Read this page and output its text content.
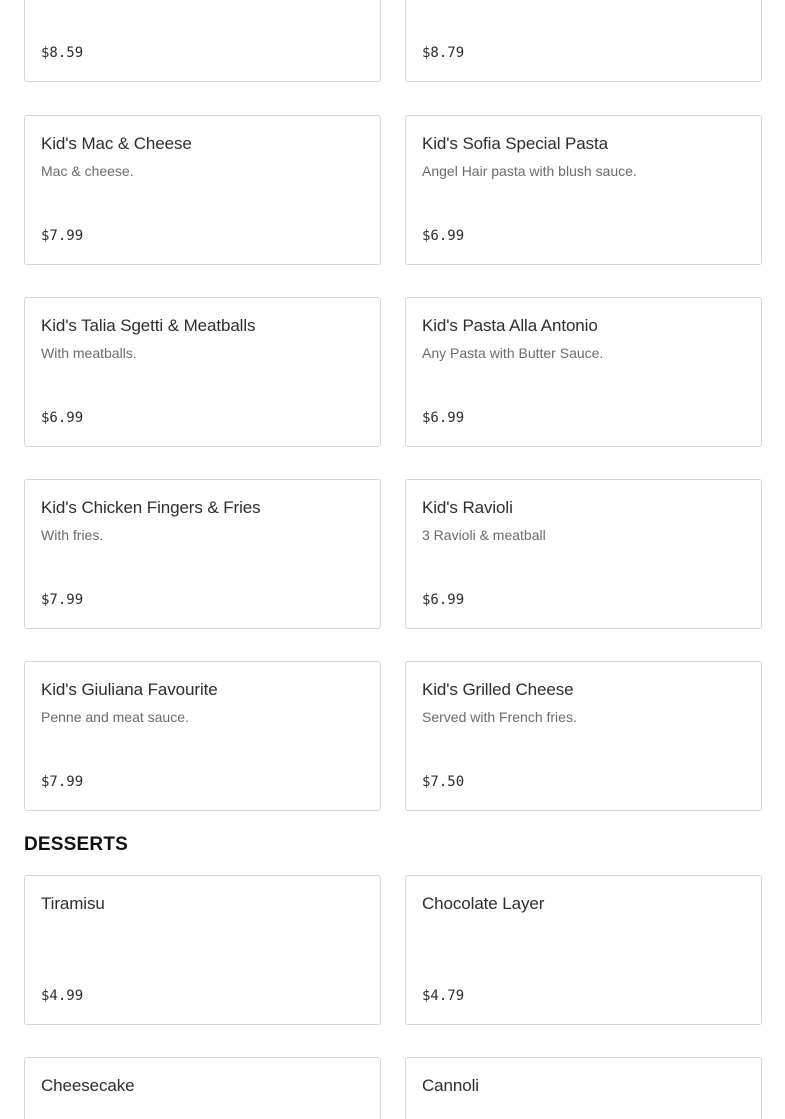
$8.59	$8.79
Kid's Mac & Cheese
Mac & cheese.
$7.99
Kid's Sofia Special Pasta
Angel Hair pasta with blush sauce.
$6.99
Kid's Talia Sgetti & Meatballs
With meatballs.
$6.99
Kid's Pasta Alla Antonio
Any Pasta with Butter Sauce.
$6.99
Kid's Chicken Fingers & Fries
With fries.
$7.99
Kid's Ravioli
3 Ravioli & meatball
$6.99
Kid's Giuliana Favourite
Penne and meat sauce.
$7.99
Kid's Grilled Cheese
Served with French fries.
$7.50
DESSERTS
Tiramisu
$4.99
Chocolate Layer
$4.79
Cheesecake	Cannoli
